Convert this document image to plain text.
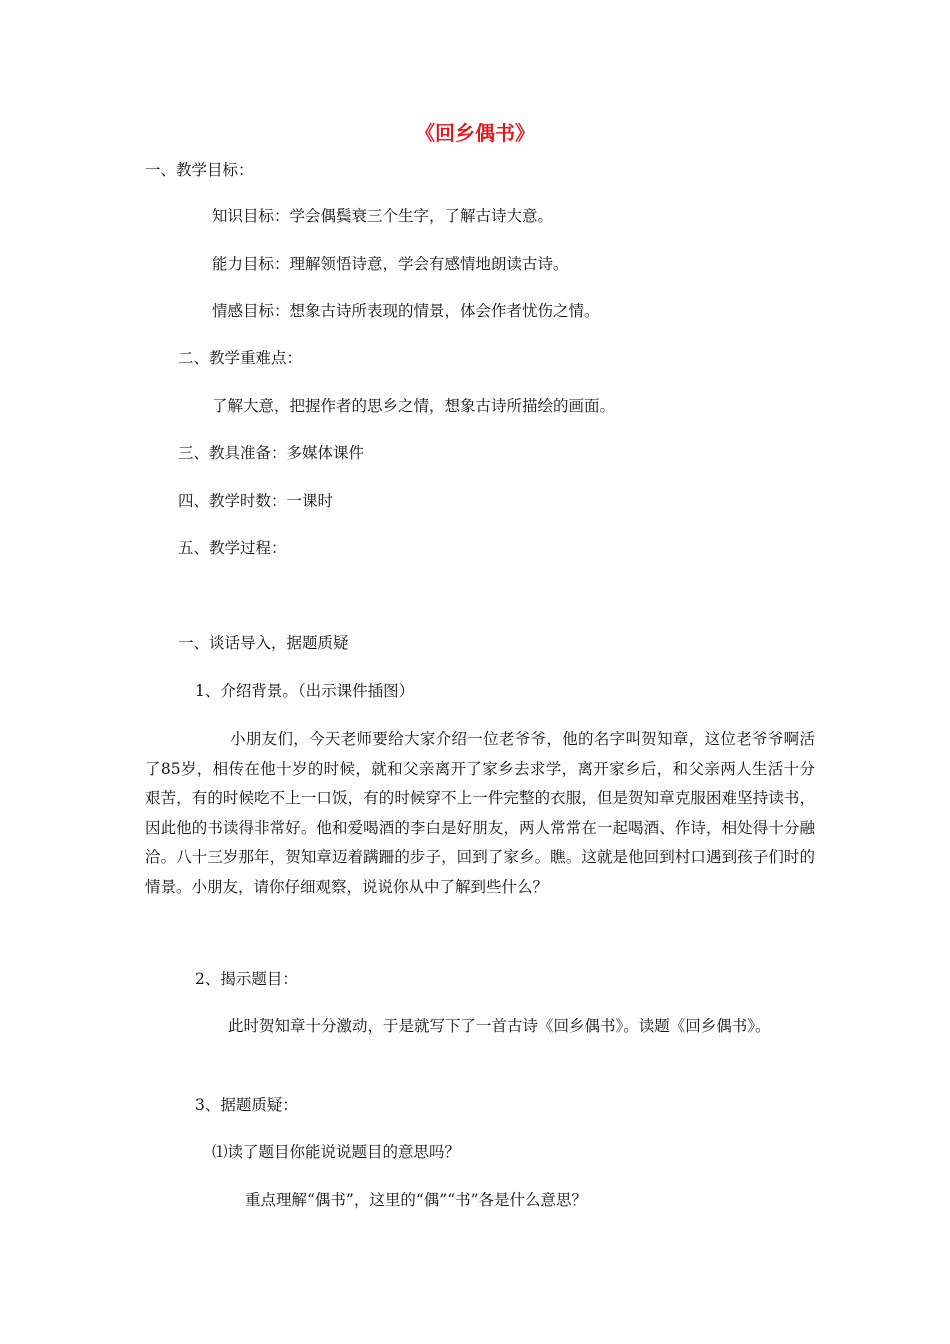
《回乡偶书》
一、教学目标：
知识目标：学会偶鬓衰三个生字，了解古诗大意。
能力目标：理解领悟诗意，学会有感情地朗读古诗。
情感目标：想象古诗所表现的情景，体会作者忧伤之情。
二、教学重难点：
了解大意，把握作者的思乡之情，想象古诗所描绘的画面。
三、教具准备：多媒体课件
四、教学时数：一课时
五、教学过程：
一、谈话导入，据题质疑
1、介绍背景。（出示课件插图）
小朋友们，今天老师要给大家介绍一位老爷爷，他的名字叫贺知章，这位老爷爷啊活了85岁，相传在他十岁的时候，就和父亲离开了家乡去求学，离开家乡后，和父亲两人生活十分艰苦，有的时候吃不上一口饭，有的时候穿不上一件完整的衣服，但是贺知章克服困难坚持读书，因此他的书读得非常好。他和爱喝酒的李白是好朋友，两人常常在一起喝酒、作诗，相处得十分融洽。八十三岁那年，贺知章迈着蹒跚的步子，回到了家乡。瞧。这就是他回到村口遇到孩子们时的情景。小朋友，请你仔细观察，说说你从中了解到些什么？
2、揭示题目：
此时贺知章十分激动，于是就写下了一首古诗《回乡偶书》。读题《回乡偶书》。
3、据题质疑：
⑴读了题目你能说说题目的意思吗？
重点理解“偶书”，这里的“偶”“书”各是什么意思？
